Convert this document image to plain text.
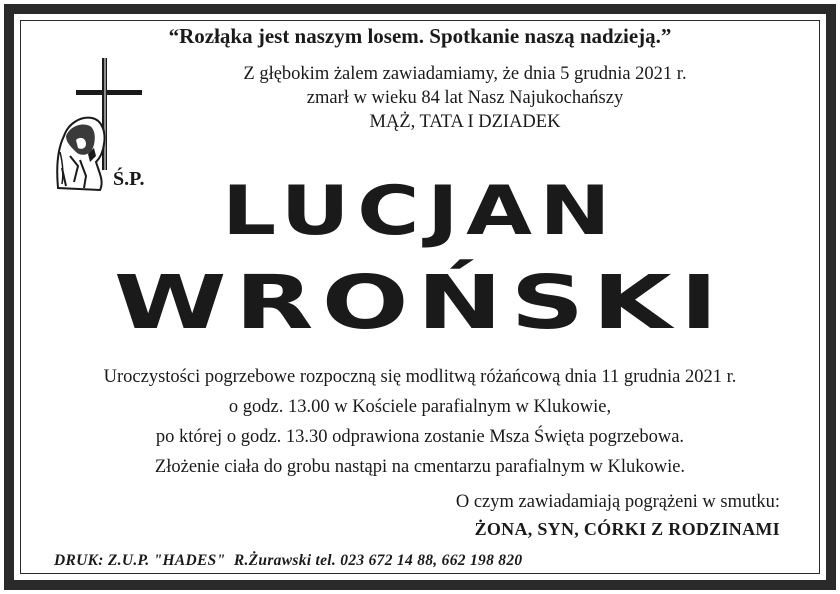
“Rozłąka jest naszym losem. Spotkanie naszą nadzieją.”
Z głębokim żalem zawiadamiamy, że dnia 5 grudnia 2021 r.
zmarł w wieku 84 lat Nasz Najukochańszy
MĄŻ, TATA I DZIADEK
Ś.P.	LUCJAN
WROŃSKI
Uroczystości pogrzebowe rozpoczną się modlitwą różańcową dnia 11 grudnia 2021 r.
o godz. 13.00 w Kościele parafialnym w Klukowie,
po której o godz. 13.30 odprawiona zostanie Msza Święta pogrzebowa.
Złożenie ciała do grobu nastąpi na cmentarzu parafialnym w Klukowie.
O czym zawiadamiają pogrążeni w smutku:
ŻONA, SYN, CÓRKI Z RODZINAMI
DRUK: Z.U.P. "HADES"  R.Żurawski tel. 023 672 14 88, 662 198 820
